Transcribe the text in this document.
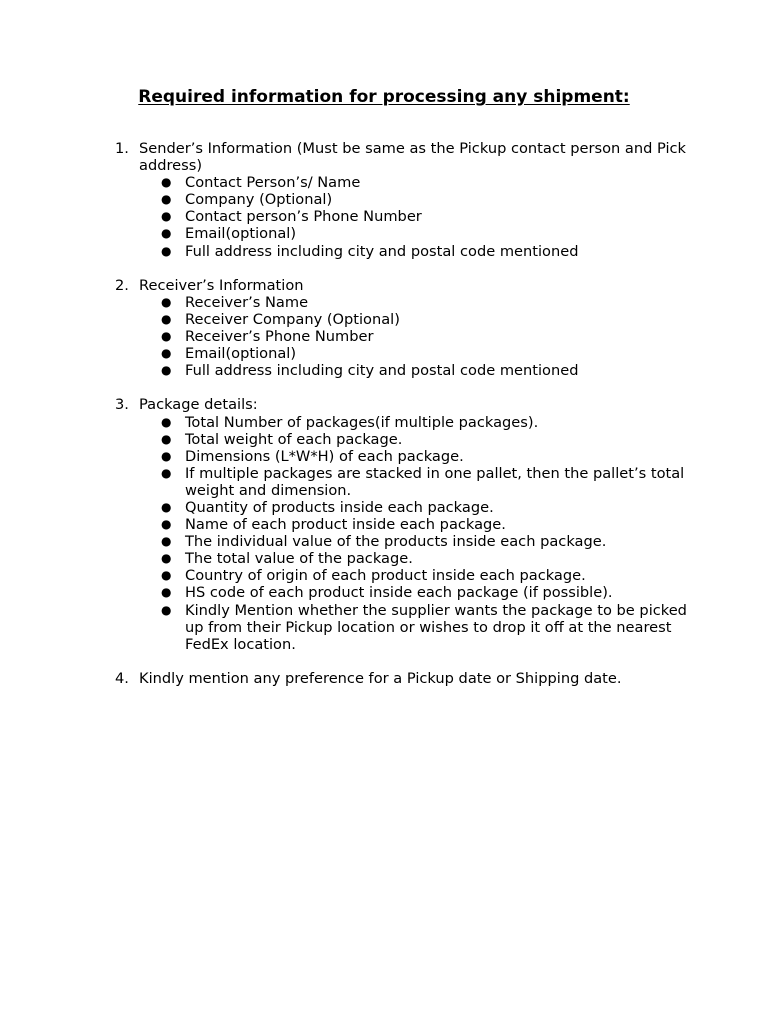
Required information for processing any shipment:
1. Sender’s Information (Must be same as the Pickup contact person and Pick address)
● Contact Person’s/ Name
● Company (Optional)
● Contact person’s Phone Number
● Email(optional)
● Full address including city and postal code mentioned
2. Receiver’s Information
● Receiver’s Name
● Receiver Company (Optional)
● Receiver’s Phone Number
● Email(optional)
● Full address including city and postal code mentioned
3. Package details:
● Total Number of packages(if multiple packages).
● Total weight of each package.
● Dimensions (L*W*H) of each package.
● If multiple packages are stacked in one pallet, then the pallet’s total weight and dimension.
● Quantity of products inside each package.
● Name of each product inside each package.
● The individual value of the products inside each package.
● The total value of the package.
● Country of origin of each product inside each package.
● HS code of each product inside each package (if possible).
● Kindly Mention whether the supplier wants the package to be picked up from their Pickup location or wishes to drop it off at the nearest FedEx location.
4. Kindly mention any preference for a Pickup date or Shipping date.
